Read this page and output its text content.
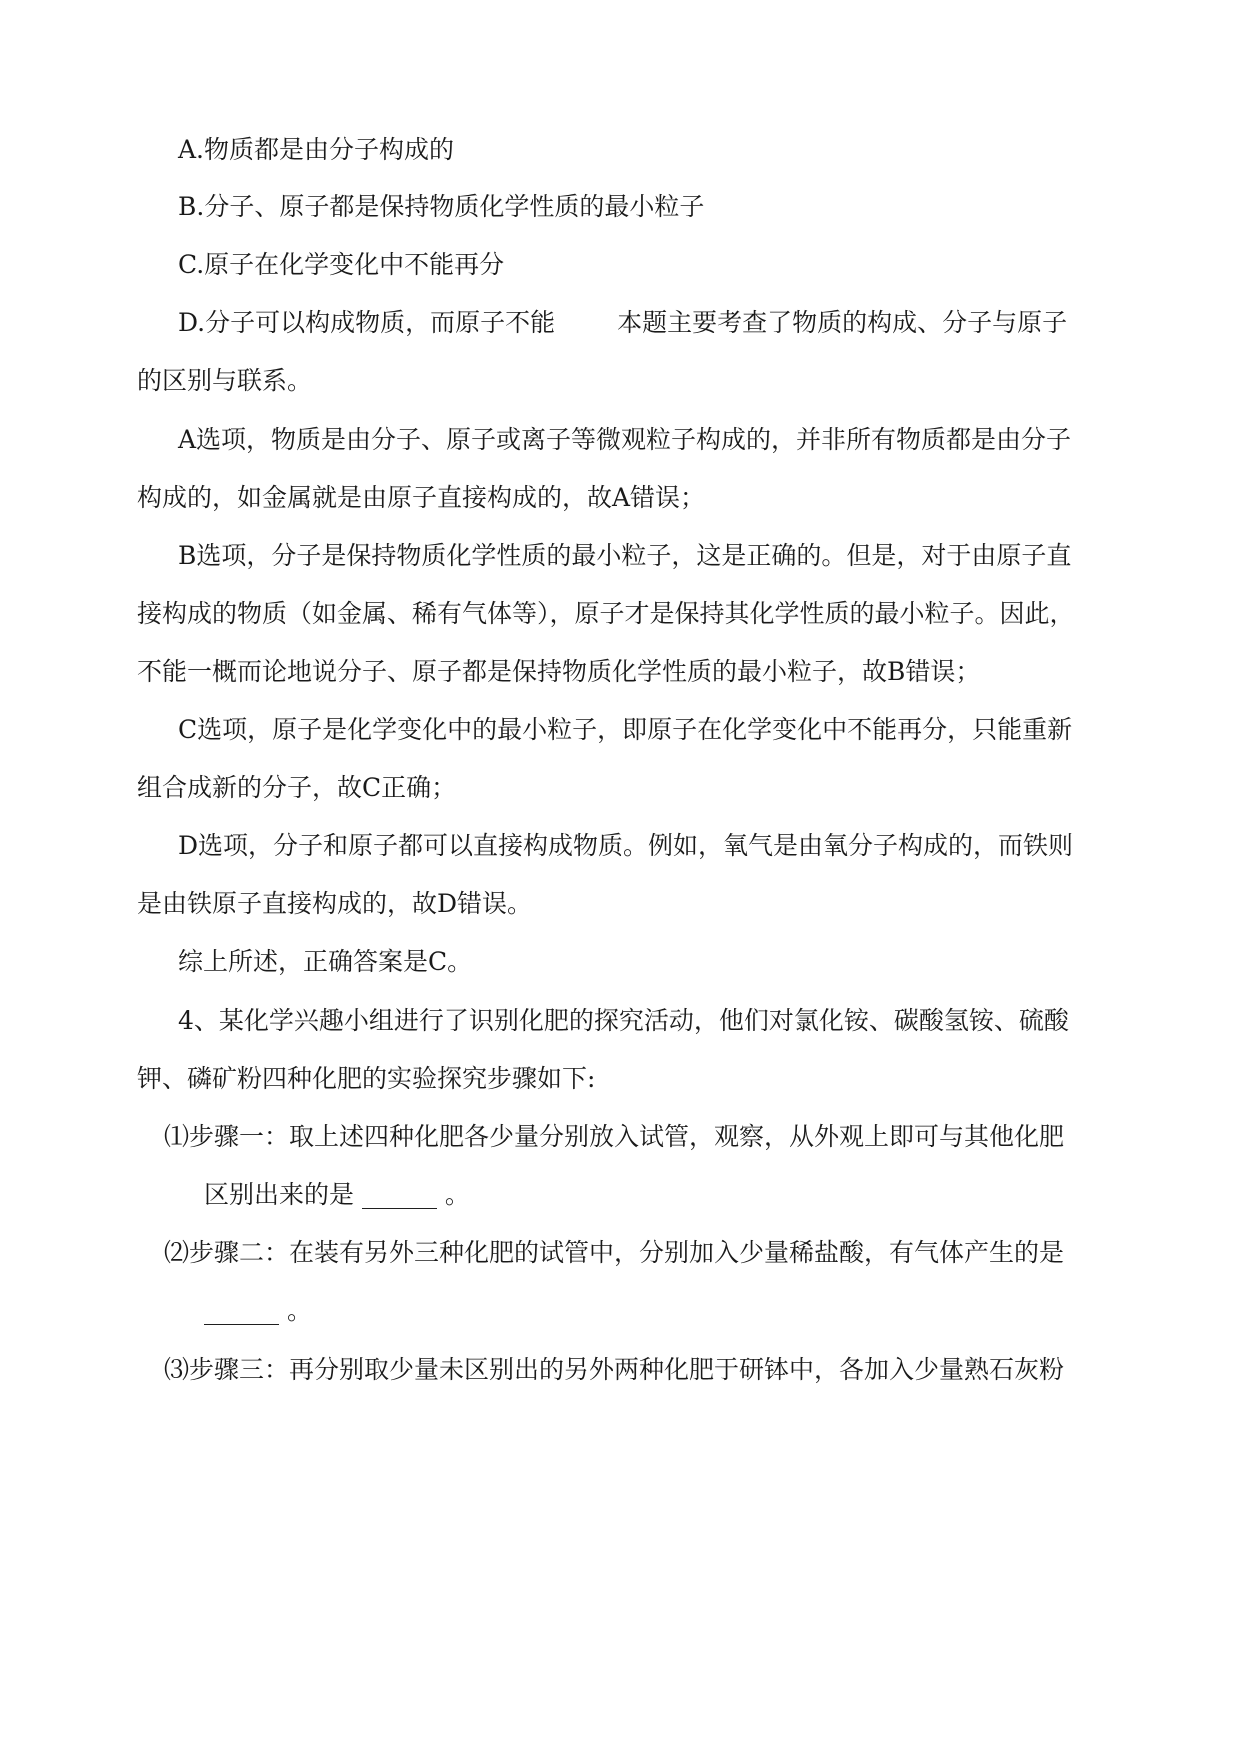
A.物质都是由分子构成的
B.分子、原子都是保持物质化学性质的最小粒子
C.原子在化学变化中不能再分
D.分子可以构成物质，而原子不能 本题主要考查了物质的构成、分子与原子
的区别与联系。
A选项，物质是由分子、原子或离子等微观粒子构成的，并非所有物质都是由分子
构成的，如金属就是由原子直接构成的，故A错误；
B选项，分子是保持物质化学性质的最小粒子，这是正确的。但是，对于由原子直
接构成的物质（如金属、稀有气体等），原子才是保持其化学性质的最小粒子。因此，
不能一概而论地说分子、原子都是保持物质化学性质的最小粒子，故B错误；
C选项，原子是化学变化中的最小粒子，即原子在化学变化中不能再分，只能重新
组合成新的分子，故C正确；
D选项，分子和原子都可以直接构成物质。例如，氧气是由氧分子构成的，而铁则
是由铁原子直接构成的，故D错误。
综上所述，正确答案是C。
4、某化学兴趣小组进行了识别化肥的探究活动，他们对氯化铵、碳酸氢铵、硫酸
钾、磷矿粉四种化肥的实验探究步骤如下:
⑴步骤一：取上述四种化肥各少量分别放入试管，观察，从外观上即可与其他化肥
区别出来的是 ______ 。
⑵步骤二：在装有另外三种化肥的试管中，分别加入少量稀盐酸，有气体产生的是
______ 。
⑶步骤三：再分别取少量未区别出的另外两种化肥于研钵中，各加入少量熟石灰粉
